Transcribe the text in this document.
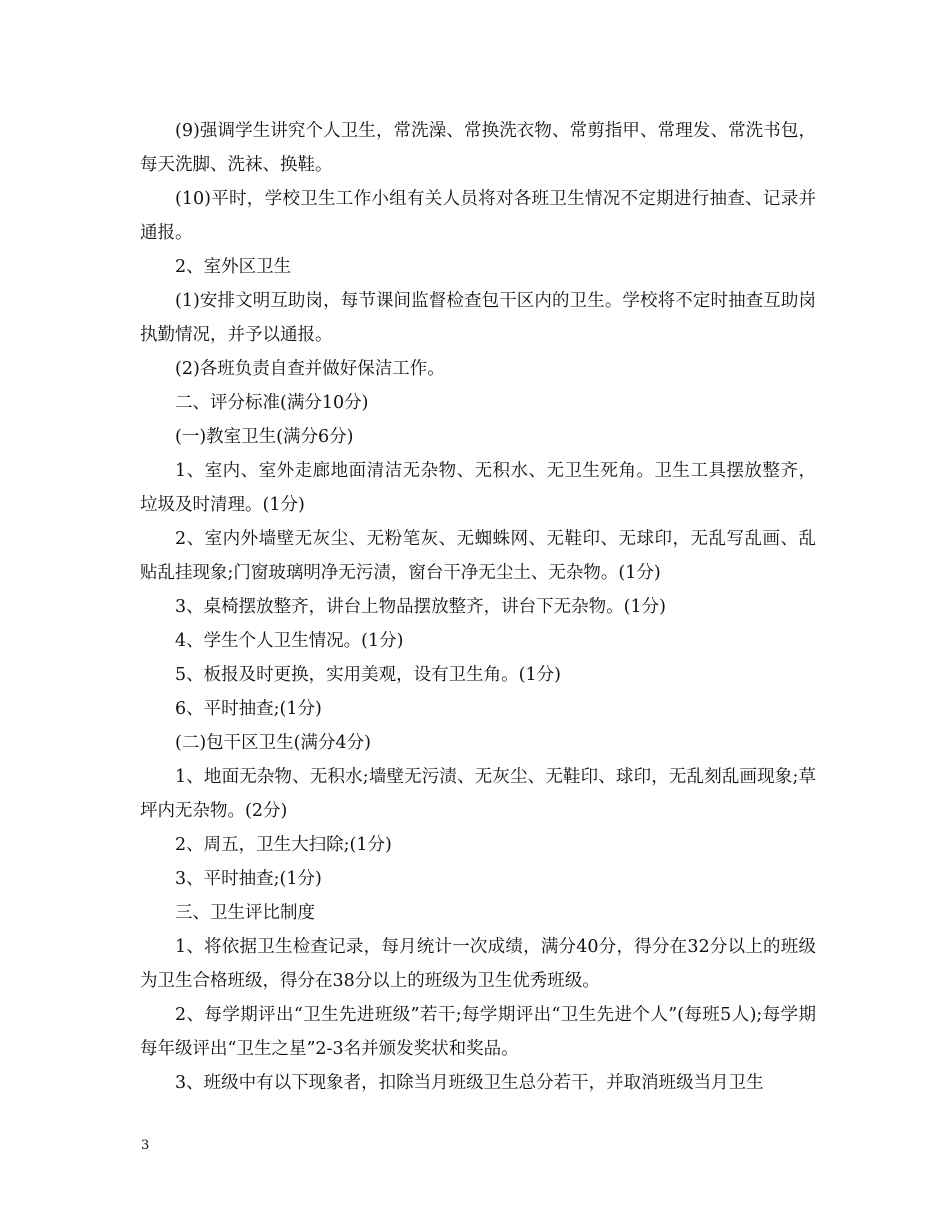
(9)强调学生讲究个人卫生，常洗澡、常换洗衣物、常剪指甲、常理发、常洗书包，每天洗脚、洗袜、换鞋。

(10)平时，学校卫生工作小组有关人员将对各班卫生情况不定期进行抽查、记录并通报。

2、室外区卫生

(1)安排文明互助岗，每节课间监督检查包干区内的卫生。学校将不定时抽查互助岗执勤情况，并予以通报。

(2)各班负责自查并做好保洁工作。

二、评分标准(满分10分)

(一)教室卫生(满分6分)

1、室内、室外走廊地面清洁无杂物、无积水、无卫生死角。卫生工具摆放整齐，垃圾及时清理。(1分)

2、室内外墙壁无灰尘、无粉笔灰、无蜘蛛网、无鞋印、无球印，无乱写乱画、乱贴乱挂现象;门窗玻璃明净无污渍，窗台干净无尘土、无杂物。(1分)

3、桌椅摆放整齐，讲台上物品摆放整齐，讲台下无杂物。(1分)

4、学生个人卫生情况。(1分)

5、板报及时更换，实用美观，设有卫生角。(1分)

6、平时抽查;(1分)

(二)包干区卫生(满分4分)

1、地面无杂物、无积水;墙壁无污渍、无灰尘、无鞋印、球印，无乱刻乱画现象;草坪内无杂物。(2分)

2、周五，卫生大扫除;(1分)

3、平时抽查;(1分)

三、卫生评比制度

1、将依据卫生检查记录，每月统计一次成绩，满分40分，得分在32分以上的班级为卫生合格班级，得分在38分以上的班级为卫生优秀班级。

2、每学期评出“卫生先进班级”若干;每学期评出“卫生先进个人”(每班5人);每学期每年级评出“卫生之星”2-3名并颁发奖状和奖品。

3、班级中有以下现象者，扣除当月班级卫生总分若干，并取消班级当月卫生

3
